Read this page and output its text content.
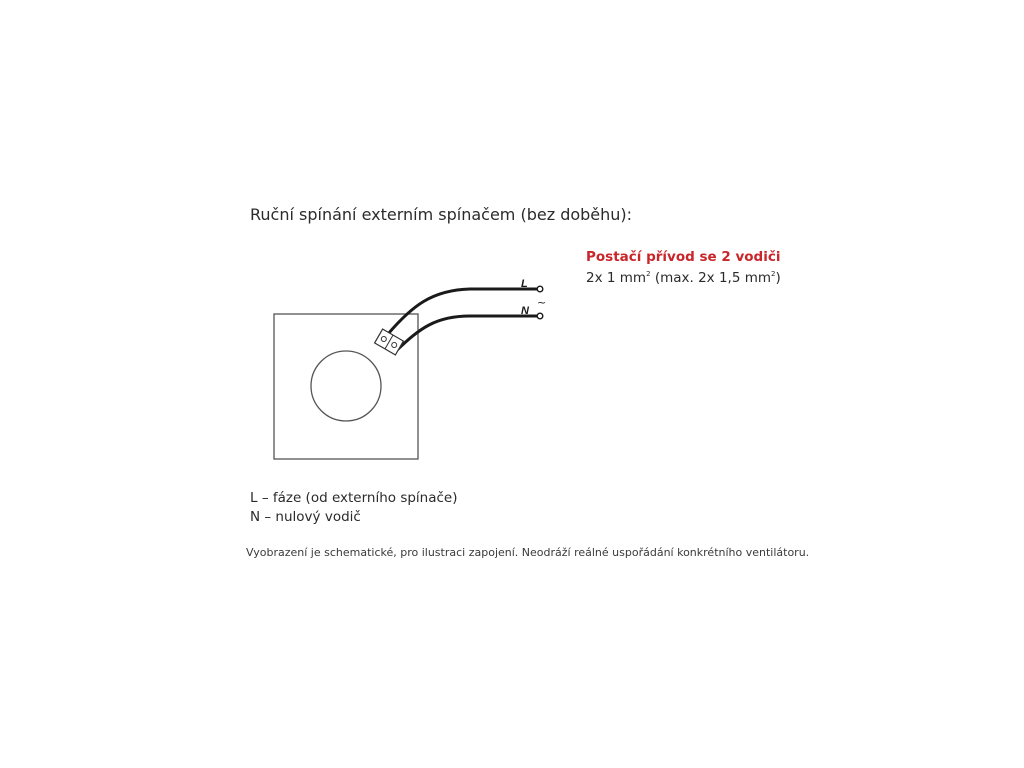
Ruční spínání externím spínačem (bez doběhu):
Postačí přívod se 2 vodiči
2x 1 $mm^2$ (max. 2x 1,5 $mm^2$)
L
~
N
L – fáze (od externího spínače)
N – nulový vodič
Vyobrazení je schematické, pro ilustraci zapojení. Neodráží reálné uspořádání konkrétního ventilátoru.
